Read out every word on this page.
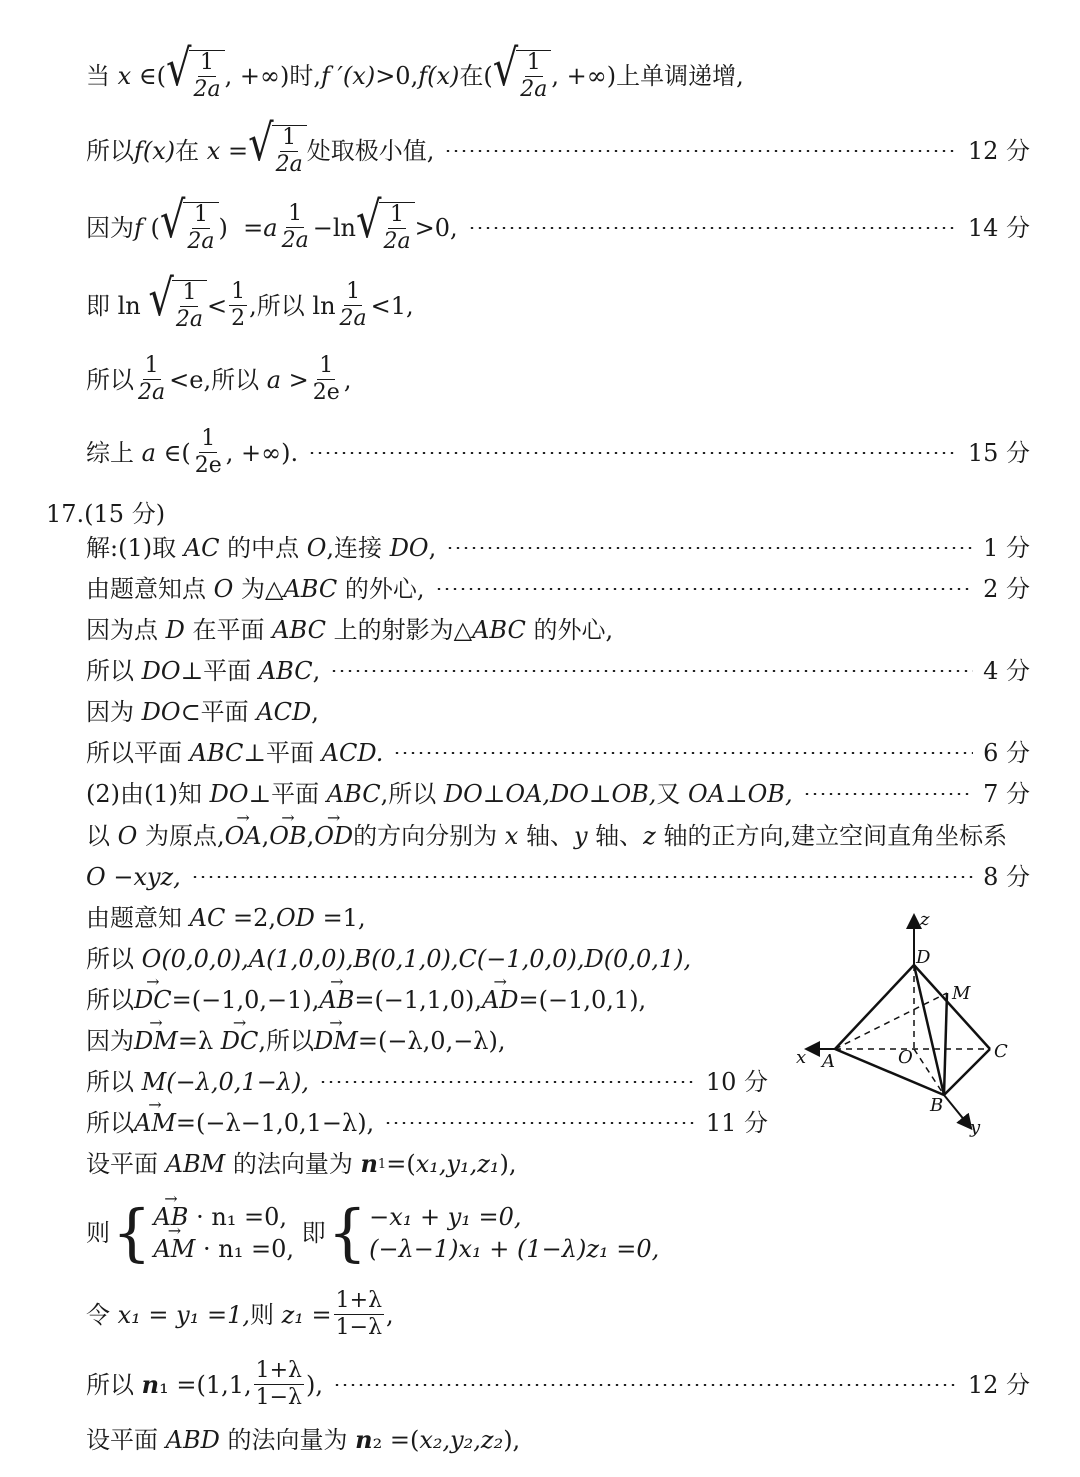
当
x
∈( √ $\frac{1}{2a}$ , +∞)时, f ′(x) >0, f(x) 在( √ $\frac{1}{2a}$ , +∞)上单调递增,
所以 f(x) 在
x
= √ $\frac{1}{2a}$ 处取极小值,	12 分
因为 f
( √ $\frac{1}{2a}$ )
= a $\frac{1}{2a} -\ln$ √ $\frac{1}{2a} >0$,	14 分
即 ln
√ $\frac{1}{2a} < \frac{1}{2}$ ,所以 $\ln \frac{1}{2a} <1$,
所以 $\frac{1}{2a} <e$,所以
a
> $\frac{1}{2e}$ ,
综上
a
∈( $\frac{1}{2e}$ , +∞).	15 分
17.(15 分)
解:(1)取
AC
的中点
O ,连接
DO ,	1 分
由题意知点
O
为△ ABC
的外心,	2 分
因为点
D
在平面
ABC
上的射影为△ ABC
的外心,
所以
DO ⊥平面
ABC ,	4 分
因为
DO ⊂平面
ACD ,
所以平面
ABC ⊥平面
ACD.	6 分
(2)由(1)知
DO ⊥平面
ABC ,所以
DO⊥OA,DO⊥OB, 又
OA⊥OB,	7 分
以
O
为原点, → OA , → OB , → OD 的方向分别为
x
轴、 y
轴、 z
轴的正方向,建立空间直角坐标系
O
−xyz,	8 分
由题意知
AC
=2, OD
=1,
所以
O(0,0,0),A(1,0,0),B(0,1,0),C(−1,0,0),D(0,0,1),
所以 → DC =(−1,0,−1), → AB =(−1,1,0), → AD =(−1,0,1),
因为 → DM =λ
→ DC ,所以 → DM =(−λ,0,−λ),
所以
M(−λ,0,1−λ),	10 分
所以 → AM =(−λ−1,0,1−λ),	11 分
设平面
ABM
的法向量为
n 1 =( x₁,y₁,z₁ ),
则 { → AB · n₁ =0,
→ AM · n₁ =0,

即 { −x₁ + y₁ =0,
(−λ−1)x₁ + (1−λ)z₁ =0,
令
x₁ = y₁ =1, 则
$z_1 = \frac{1+\lambda}{1-\lambda}$ ,
所以
n ₁ =(1,1, $\frac{1+\lambda}{1-\lambda}$ ),	12 分
设平面
ABD
的法向量为
n ₂ =( x₂,y₂,z₂ ),
z
D
M
x A	O	C
B
y
